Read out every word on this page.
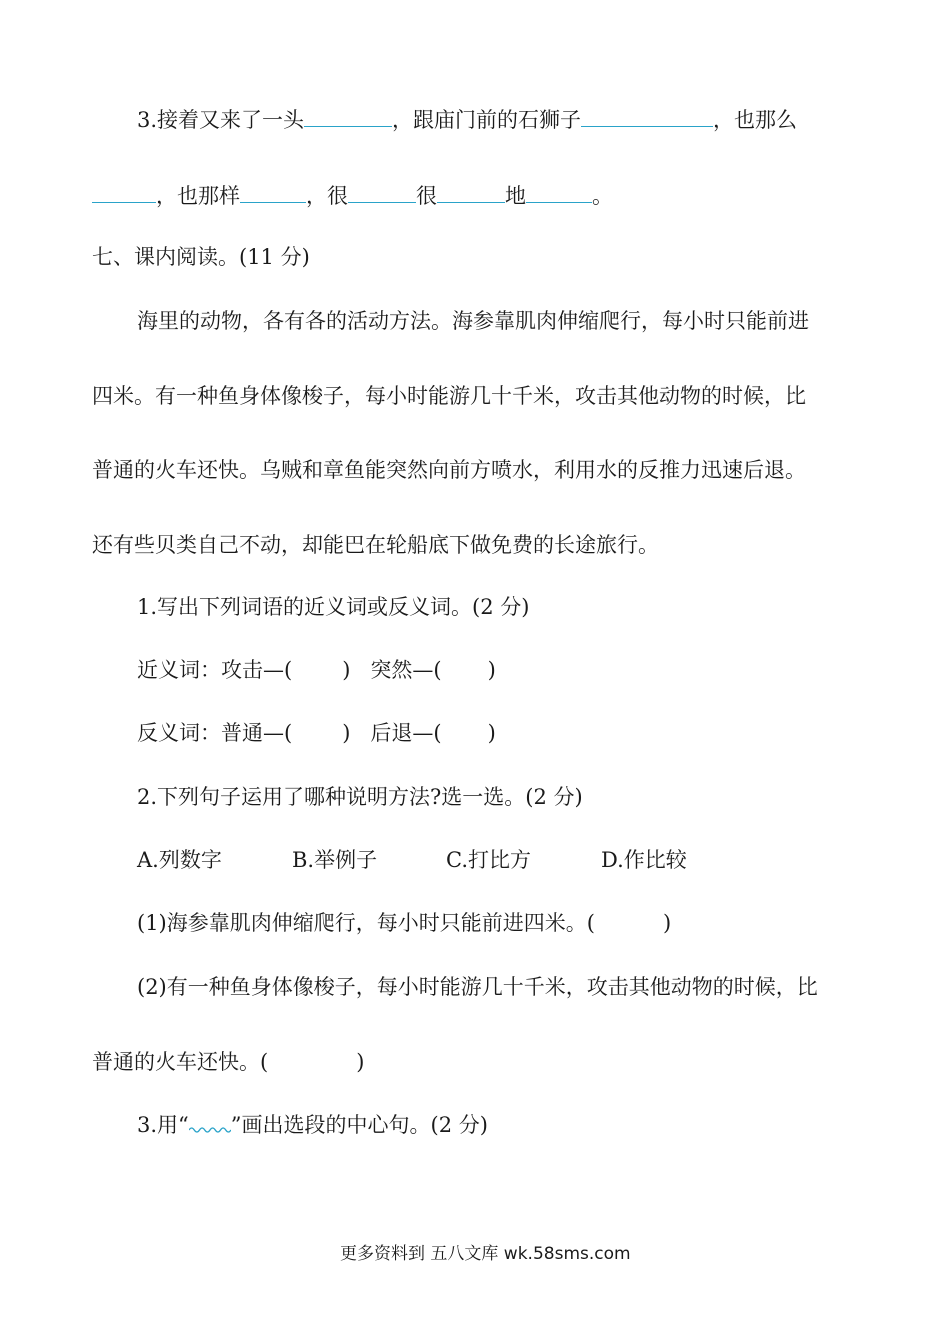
3.接着又来了一头	，跟庙门前的石狮子	，也那么
，也那样	，很	很	地	。
七、课内阅读。(11 分)
海里的动物，各有各的活动方法。海参靠肌肉伸缩爬行，每小时只能前进
四米。有一种鱼身体像梭子，每小时能游几十千米，攻击其他动物的时候，比
普通的火车还快。乌贼和章鱼能突然向前方喷水，利用水的反推力迅速后退。
还有些贝类自己不动，却能巴在轮船底下做免费的长途旅行。
1.写出下列词语的近义词或反义词。(2 分)
近义词：攻击—( ) 突然—( )
反义词：普通—( ) 后退—( )
2.下列句子运用了哪种说明方法?选一选。(2 分)
A.列数字	B.举例子	C.打比方	D.作比较
(1)海参靠肌肉伸缩爬行，每小时只能前进四米。(	)
(2)有一种鱼身体像梭子，每小时能游几十千米，攻击其他动物的时候，比
普通的火车还快。(	)
3.用“ ”画出选段的中心句。(2 分)
更多资料到 五八文库 wk.58sms.com
